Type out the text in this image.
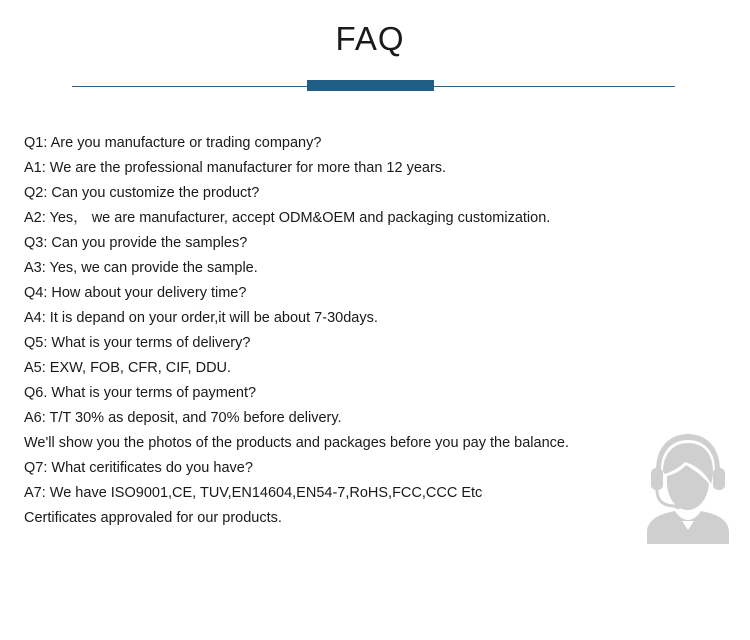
FAQ
Q1: Are you manufacture or trading company?
A1: We are the professional manufacturer for more than 12 years.
Q2: Can you customize the product?
A2: Yes， we are manufacturer, accept ODM&OEM and packaging customization.
Q3: Can you provide the samples?
A3: Yes, we can provide the sample.
Q4: How about your delivery time?
A4: It is depand on your order,it will be about 7-30days.
Q5: What is your terms of delivery?
A5: EXW, FOB, CFR, CIF, DDU.
Q6. What is your terms of payment?
A6: T/T 30% as deposit, and 70% before delivery.
We'll show you the photos of the products and packages before you pay the balance.
Q7: What ceritificates do you have?
A7: We have ISO9001,CE, TUV,EN14604,EN54-7,RoHS,FCC,CCC Etc
Certificates approvaled for our products.
